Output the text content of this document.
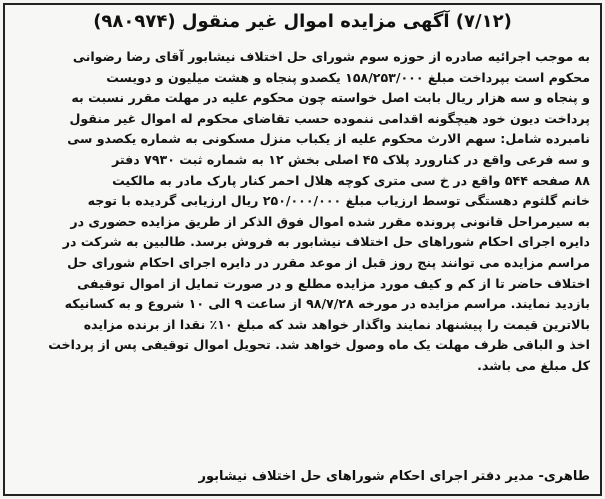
(۷/۱۲) آگهی مزایده اموال غیر منقول (۹۸۰۹۷۴)
به موجب اجرائیه صادره از حوزه سوم شورای حل اختلاف نیشابور آقای رضا رضوانی
محکوم است بپرداخت مبلغ ۱۵۸/۲۵۳/۰۰۰ یکصدو پنجاه و هشت میلیون و دویست
و پنجاه و سه هزار ریال بابت اصل خواسته چون محکوم علیه در مهلت مقرر نسبت به
پرداخت دیون خود هیچگونه اقدامی ننموده حسب تقاضای محکوم له اموال غیر منقول
نامبرده شامل: سهم الارث محکوم علیه از یکباب منزل مسکونی به شماره یکصدو سی
و سه فرعی واقع در کنارورد پلاک ۴۵ اصلی بخش ۱۲ به شماره ثبت ۷۹۳۰ دفتر
۸۸ صفحه ۵۴۴ واقع در خ سی متری کوچه هلال احمر کنار پارک مادر به مالکیت
خانم گلثوم دهستگی توسط ارزیاب مبلغ ۲۵۰/۰۰۰/۰۰۰ ریال ارزیابی گردیده با توجه
به سیرمراحل قانونی پرونده مقرر شده اموال فوق الذکر از طریق مزایده حضوری در
دایره اجرای احکام شوراهای حل اختلاف نیشابور به فروش برسد. طالبین به شرکت در
مراسم مزایده می توانند پنج روز قبل از موعد مقرر در دایره اجرای احکام شورای حل
اختلاف حاضر تا از کم و کیف مورد مزایده مطلع و در صورت تمایل از اموال توقیفی
بازدید نمایند. مراسم مزایده در مورخه ۹۸/۷/۲۸ از ساعت ۹ الی ۱۰ شروع و به کسانیکه
بالاترین قیمت را پیشنهاد نمایند واگذار خواهد شد که مبلغ ۱۰٪ نقدا از برنده مزایده
اخذ و الباقی ظرف مهلت یک ماه وصول خواهد شد. تحویل اموال توقیفی پس از پرداخت
کل مبلغ می باشد.
طاهری- مدیر دفتر اجرای احکام شوراهای حل اختلاف نیشابور
